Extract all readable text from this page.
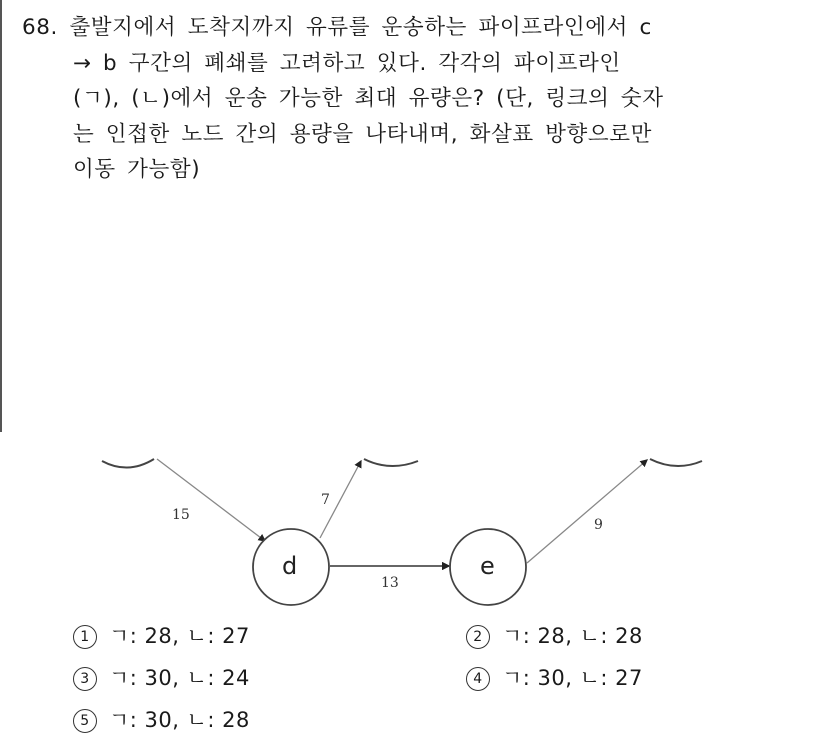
68. 출발지에서 도착지까지 유류를 운송하는 파이프라인에서 c
→ b 구간의 폐쇄를 고려하고 있다. 각각의 파이프라인
(ㄱ), (ㄴ)에서 운송 가능한 최대 유량은? (단, 링크의 숫자
는 인접한 노드 간의 용량을 나타내며, 화살표 방향으로만
이동 가능함)
d	e
15
7
13
9
1 ㄱ: 28, ㄴ: 27	2 ㄱ: 28, ㄴ: 28
3 ㄱ: 30, ㄴ: 24	4 ㄱ: 30, ㄴ: 27
5 ㄱ: 30, ㄴ: 28
